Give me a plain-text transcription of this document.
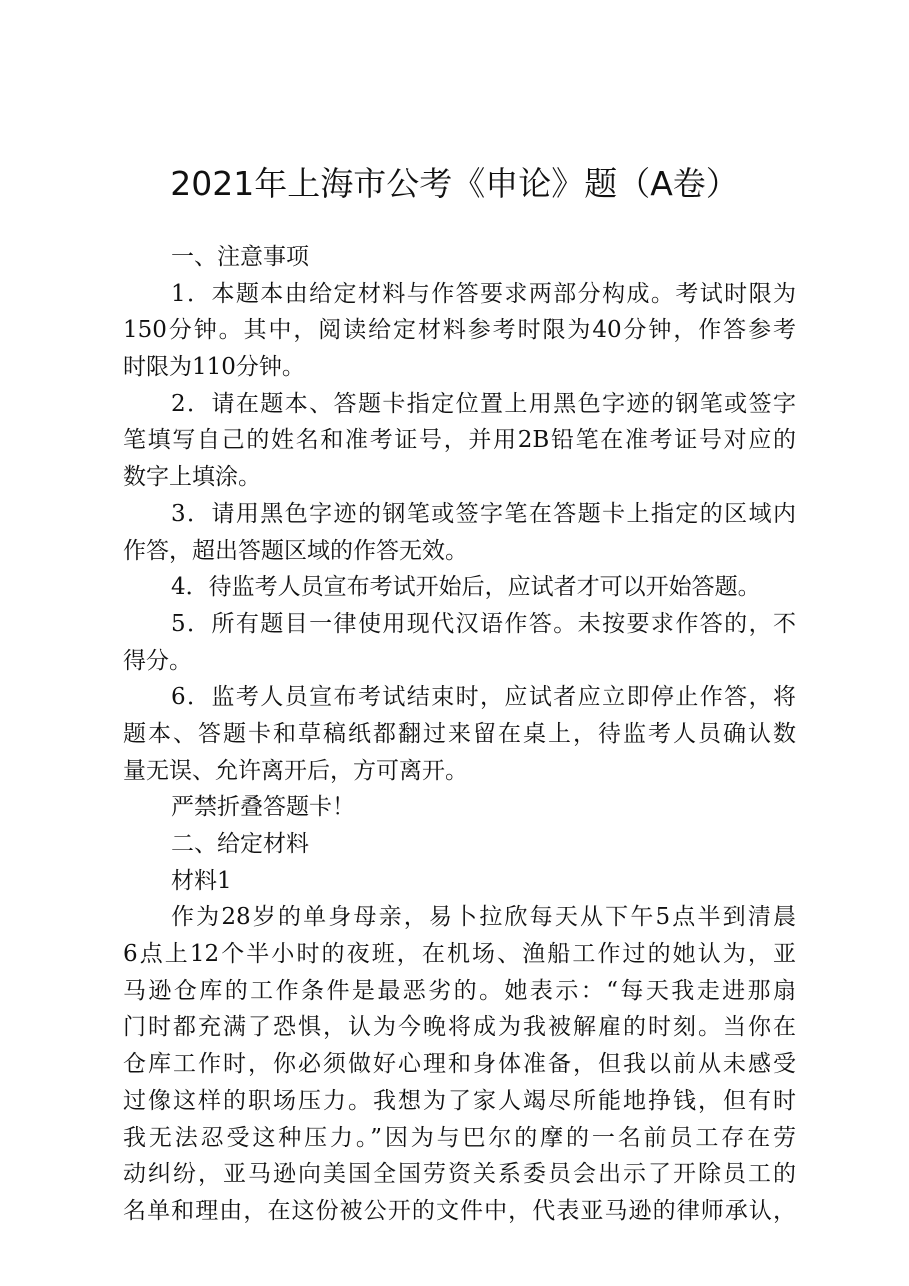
2021年上海市公考《申论》题（A卷）
一、注意事项
1．本题本由给定材料与作答要求两部分构成。考试时限为
150分钟。其中，阅读给定材料参考时限为40分钟，作答参考
时限为110分钟。
2．请在题本、答题卡指定位置上用黑色字迹的钢笔或签字
笔填写自己的姓名和准考证号，并用2B铅笔在准考证号对应的
数字上填涂。
3．请用黑色字迹的钢笔或签字笔在答题卡上指定的区域内
作答，超出答题区域的作答无效。
4．待监考人员宣布考试开始后，应试者才可以开始答题。
5．所有题目一律使用现代汉语作答。未按要求作答的，不
得分。
6．监考人员宣布考试结束时，应试者应立即停止作答，将
题本、答题卡和草稿纸都翻过来留在桌上，待监考人员确认数
量无误、允许离开后，方可离开。
严禁折叠答题卡！
二、给定材料
材料1
作为28岁的单身母亲，易卜拉欣每天从下午5点半到清晨
6点上12个半小时的夜班，在机场、渔船工作过的她认为，亚
马逊仓库的工作条件是最恶劣的。她表示：“每天我走进那扇
门时都充满了恐惧，认为今晚将成为我被解雇的时刻。当你在
仓库工作时，你必须做好心理和身体准备，但我以前从未感受
过像这样的职场压力。我想为了家人竭尽所能地挣钱，但有时
我无法忍受这种压力。”因为与巴尔的摩的一名前员工存在劳
动纠纷，亚马逊向美国全国劳资关系委员会出示了开除员工的
名单和理由，在这份被公开的文件中，代表亚马逊的律师承认，
